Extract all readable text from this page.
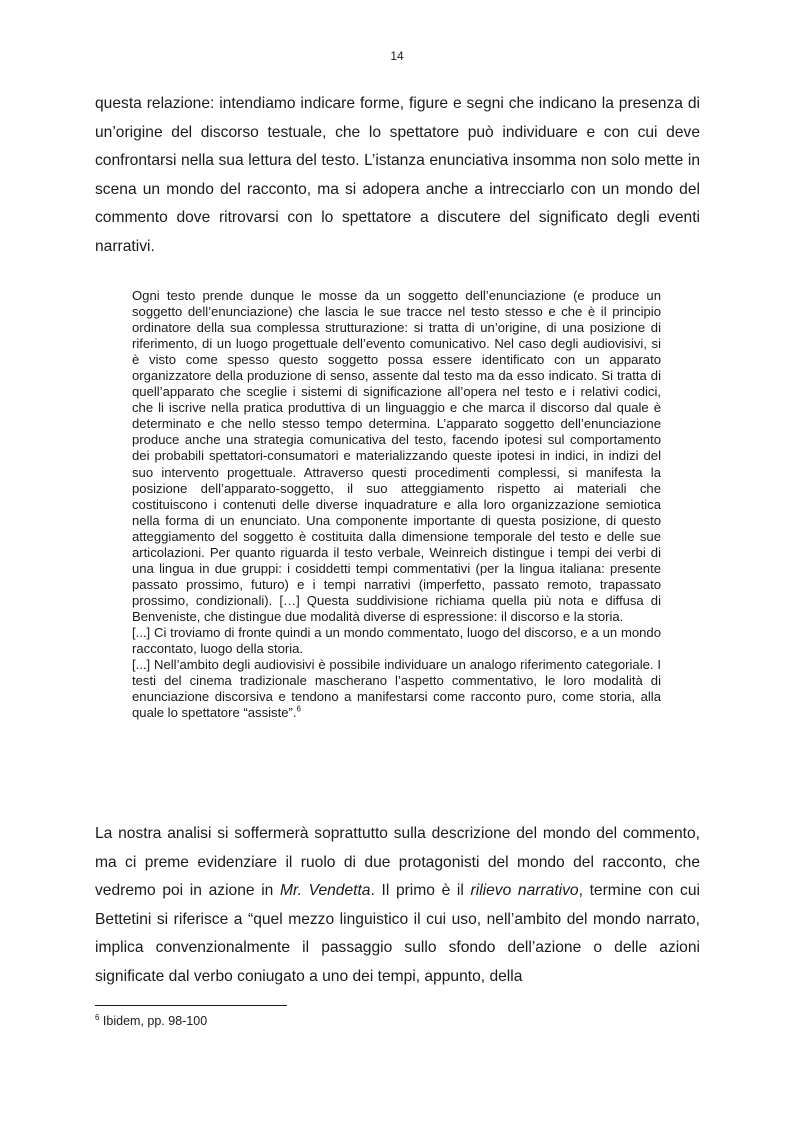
14

questa relazione: intendiamo indicare forme, figure e segni che indicano la presenza di un’origine del discorso testuale, che lo spettatore può individuare e con cui deve confrontarsi nella sua lettura del testo. L’istanza enunciativa insomma non solo mette in scena un mondo del racconto, ma si adopera anche a intrecciarlo con un mondo del commento dove ritrovarsi con lo spettatore a discutere del significato degli eventi narrativi.

Ogni testo prende dunque le mosse da un soggetto dell’enunciazione (e produce un soggetto dell’enunciazione) che lascia le sue tracce nel testo stesso e che è il principio ordinatore della sua complessa strutturazione: si tratta di un’origine, di una posizione di riferimento, di un luogo progettuale dell’evento comunicativo. Nel caso degli audiovisivi, si è visto come spesso questo soggetto possa essere identificato con un apparato organizzatore della produzione di senso, assente dal testo ma da esso indicato. Si tratta di quell’apparato che sceglie i sistemi di significazione all’opera nel testo e i relativi codici, che li iscrive nella pratica produttiva di un linguaggio e che marca il discorso dal quale è determinato e che nello stesso tempo determina. L’apparato soggetto dell’enunciazione produce anche una strategia comunicativa del testo, facendo ipotesi sul comportamento dei probabili spettatori-consumatori e materializzando queste ipotesi in indici, in indizi del suo intervento progettuale. Attraverso questi procedimenti complessi, si manifesta la posizione dell’apparato-soggetto, il suo atteggiamento rispetto ai materiali che costituiscono i contenuti delle diverse inquadrature e alla loro organizzazione semiotica nella forma di un enunciato. Una componente importante di questa posizione, di questo atteggiamento del soggetto è costituita dalla dimensione temporale del testo e delle sue articolazioni. Per quanto riguarda il testo verbale, Weinreich distingue i tempi dei verbi di una lingua in due gruppi: i cosiddetti tempi commentativi (per la lingua italiana: presente passato prossimo, futuro) e i tempi narrativi (imperfetto, passato remoto, trapassato prossimo, condizionali). […] Questa suddivisione richiama quella più nota e diffusa di Benveniste, che distingue due modalità diverse di espressione: il discorso e la storia.

[...] Ci troviamo di fronte quindi a un mondo commentato, luogo del discorso, e a un mondo raccontato, luogo della storia.

[...] Nell’ambito degli audiovisivi è possibile individuare un analogo riferimento categoriale. I testi del cinema tradizionale mascherano l’aspetto commentativo, le loro modalità di enunciazione discorsiva e tendono a manifestarsi come racconto puro, come storia, alla quale lo spettatore “assiste”.$^6$

La nostra analisi si soffermerà soprattutto sulla descrizione del mondo del commento, ma ci preme evidenziare il ruolo di due protagonisti del mondo del racconto, che vedremo poi in azione in Mr. Vendetta. Il primo è il rilievo narrativo, termine con cui Bettetini si riferisce a “quel mezzo linguistico il cui uso, nell’ambito del mondo narrato, implica convenzionalmente il passaggio sullo sfondo dell’azione o delle azioni significate dal verbo coniugato a uno dei tempi, appunto, della

$^6$ Ibidem, pp. 98-100
